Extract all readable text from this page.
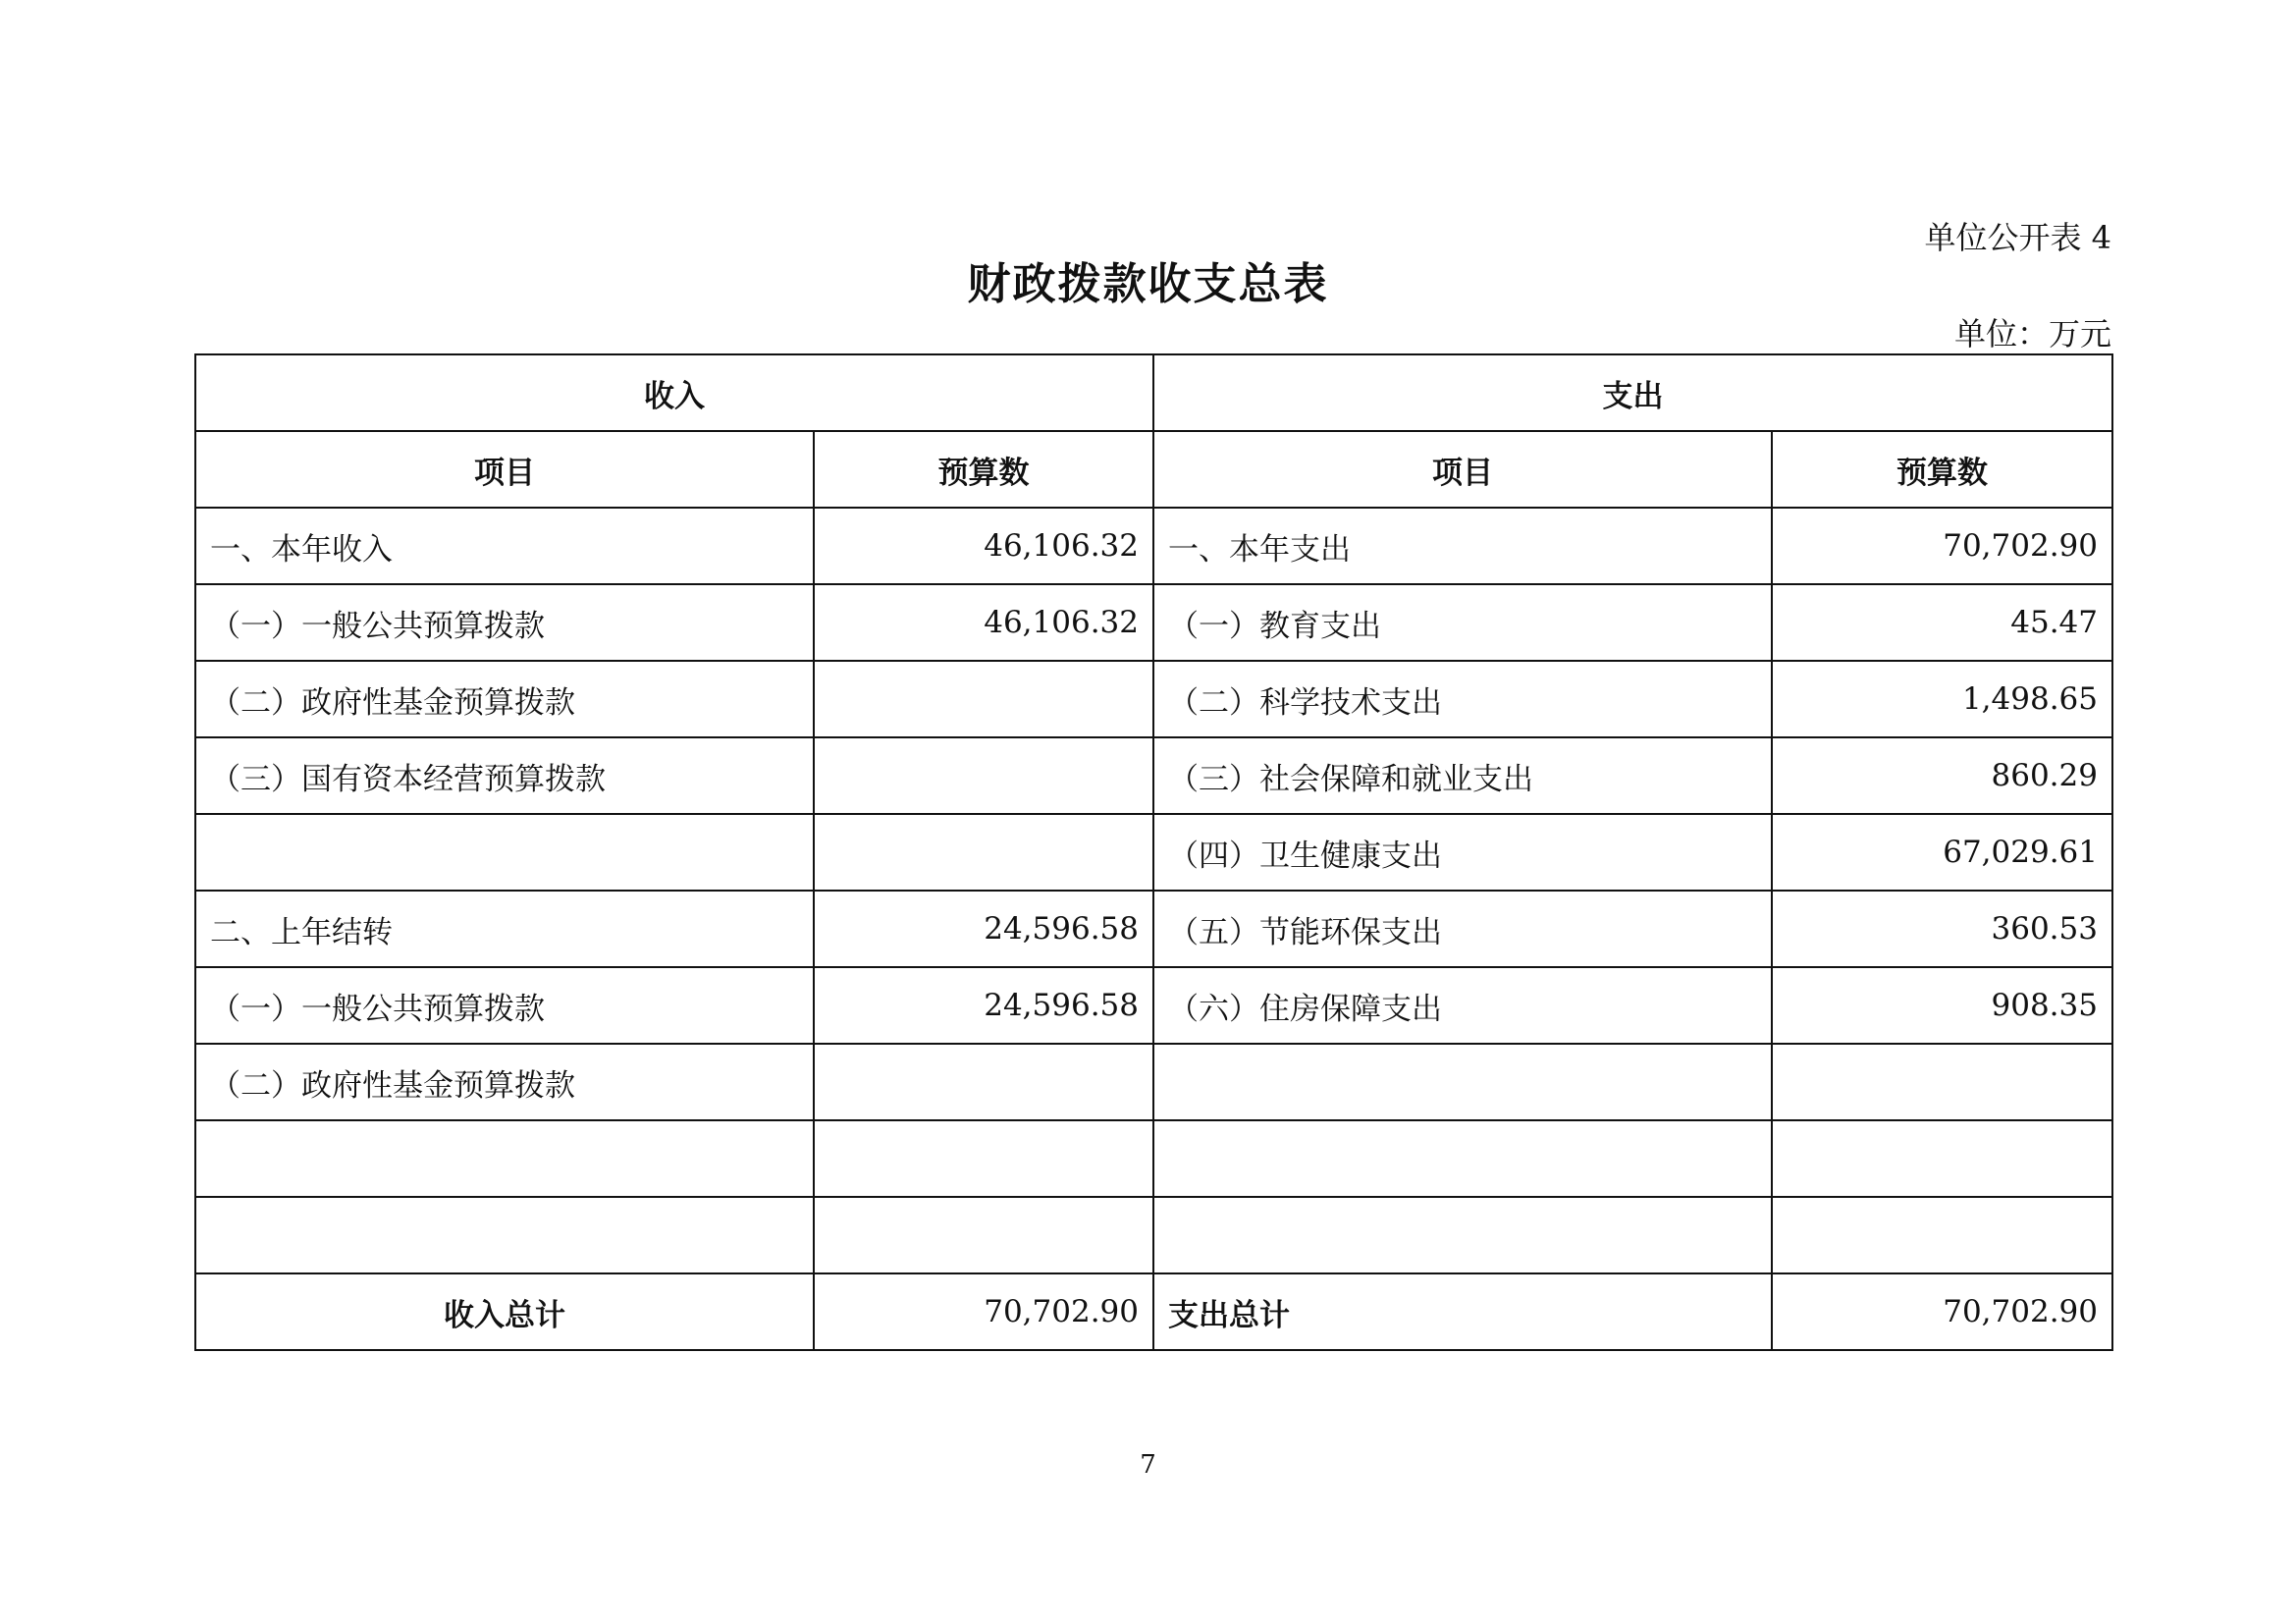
单位公开表 4
财政拨款收支总表
单位：万元
收入		支出	
项目	预算数	项目	预算数
一、本年收入	46,106.32	一、本年支出	70,702.90
（一）一般公共预算拨款	46,106.32	（一）教育支出	45.47
（二）政府性基金预算拨款		（二）科学技术支出	1,498.65
（三）国有资本经营预算拨款		（三）社会保障和就业支出	860.29
		（四）卫生健康支出	67,029.61
二、上年结转	24,596.58	（五）节能环保支出	360.53
（一）一般公共预算拨款	24,596.58	（六）住房保障支出	908.35
（二）政府性基金预算拨款			

收入总计	70,702.90	支出总计	70,702.90
7
